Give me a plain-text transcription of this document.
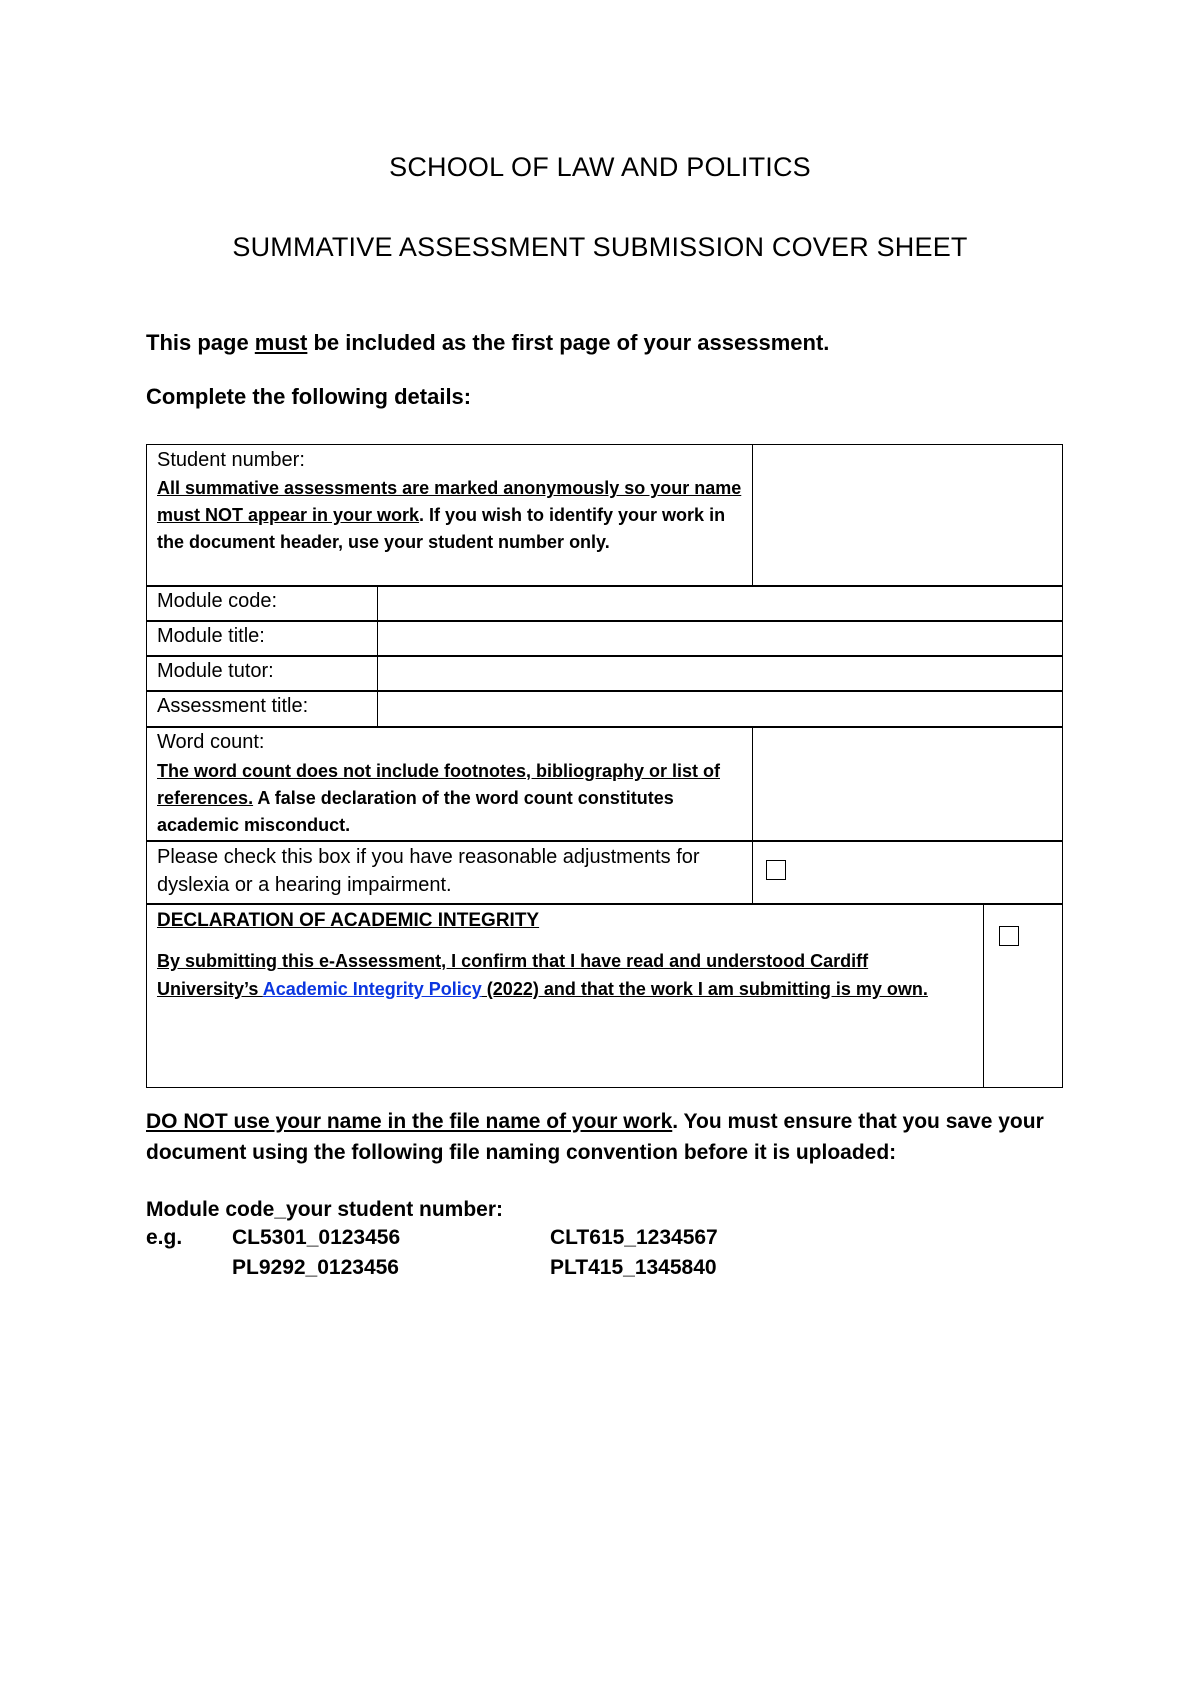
SCHOOL OF LAW AND POLITICS
SUMMATIVE ASSESSMENT SUBMISSION COVER SHEET
This page must be included as the first page of your assessment.
Complete the following details:
Student number:
All summative assessments are marked anonymously so your name must NOT appear in your work. If you wish to identify your work in the document header, use your student number only.
Module code:
Module title:
Module tutor:
Assessment title:
Word count:
The word count does not include footnotes, bibliography or list of references. A false declaration of the word count constitutes academic misconduct.
Please check this box if you have reasonable adjustments for dyslexia or a hearing impairment.
DECLARATION OF ACADEMIC INTEGRITY
By submitting this e-Assessment, I confirm that I have read and understood Cardiff University’s Academic Integrity Policy (2022) and that the work I am submitting is my own.
DO NOT use your name in the file name of your work. You must ensure that you save your document using the following file naming convention before it is uploaded:
Module code_your student number:
e.g. CL5301_0123456	CLT615_1234567
PL9292_0123456	PLT415_1345840
